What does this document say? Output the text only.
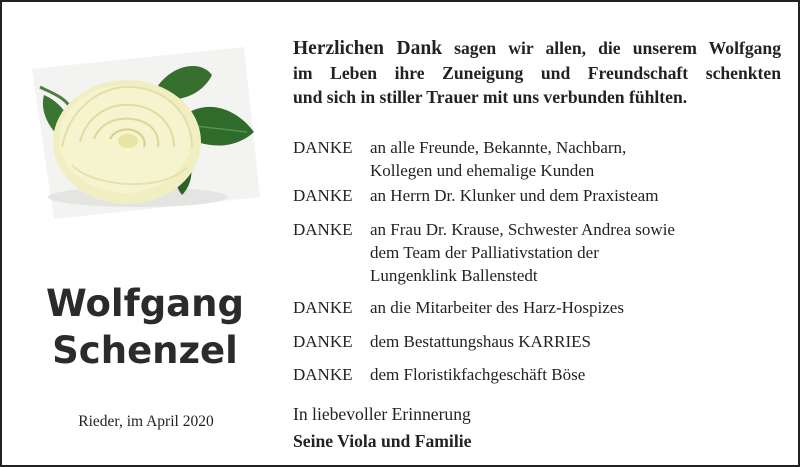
Wolfgang
Schenzel
Rieder, im April 2020
Herzlichen Dank sagen wir allen, die unserem Wolfgang
im Leben ihre Zuneigung und Freundschaft schenkten
und sich in stiller Trauer mit uns verbunden fühlten.
DANKE an alle Freunde, Bekannte, Nachbarn,
Kollegen und ehemalige Kunden
DANKE an Herrn Dr. Klunker und dem Praxisteam
DANKE an Frau Dr. Krause, Schwester Andrea sowie
dem Team der Palliativstation der
Lungenklink Ballenstedt
DANKE an die Mitarbeiter des Harz-Hospizes
DANKE dem Bestattungshaus KARRIES
DANKE dem Floristikfachgeschäft Böse
In liebevoller Erinnerung
Seine Viola und Familie
